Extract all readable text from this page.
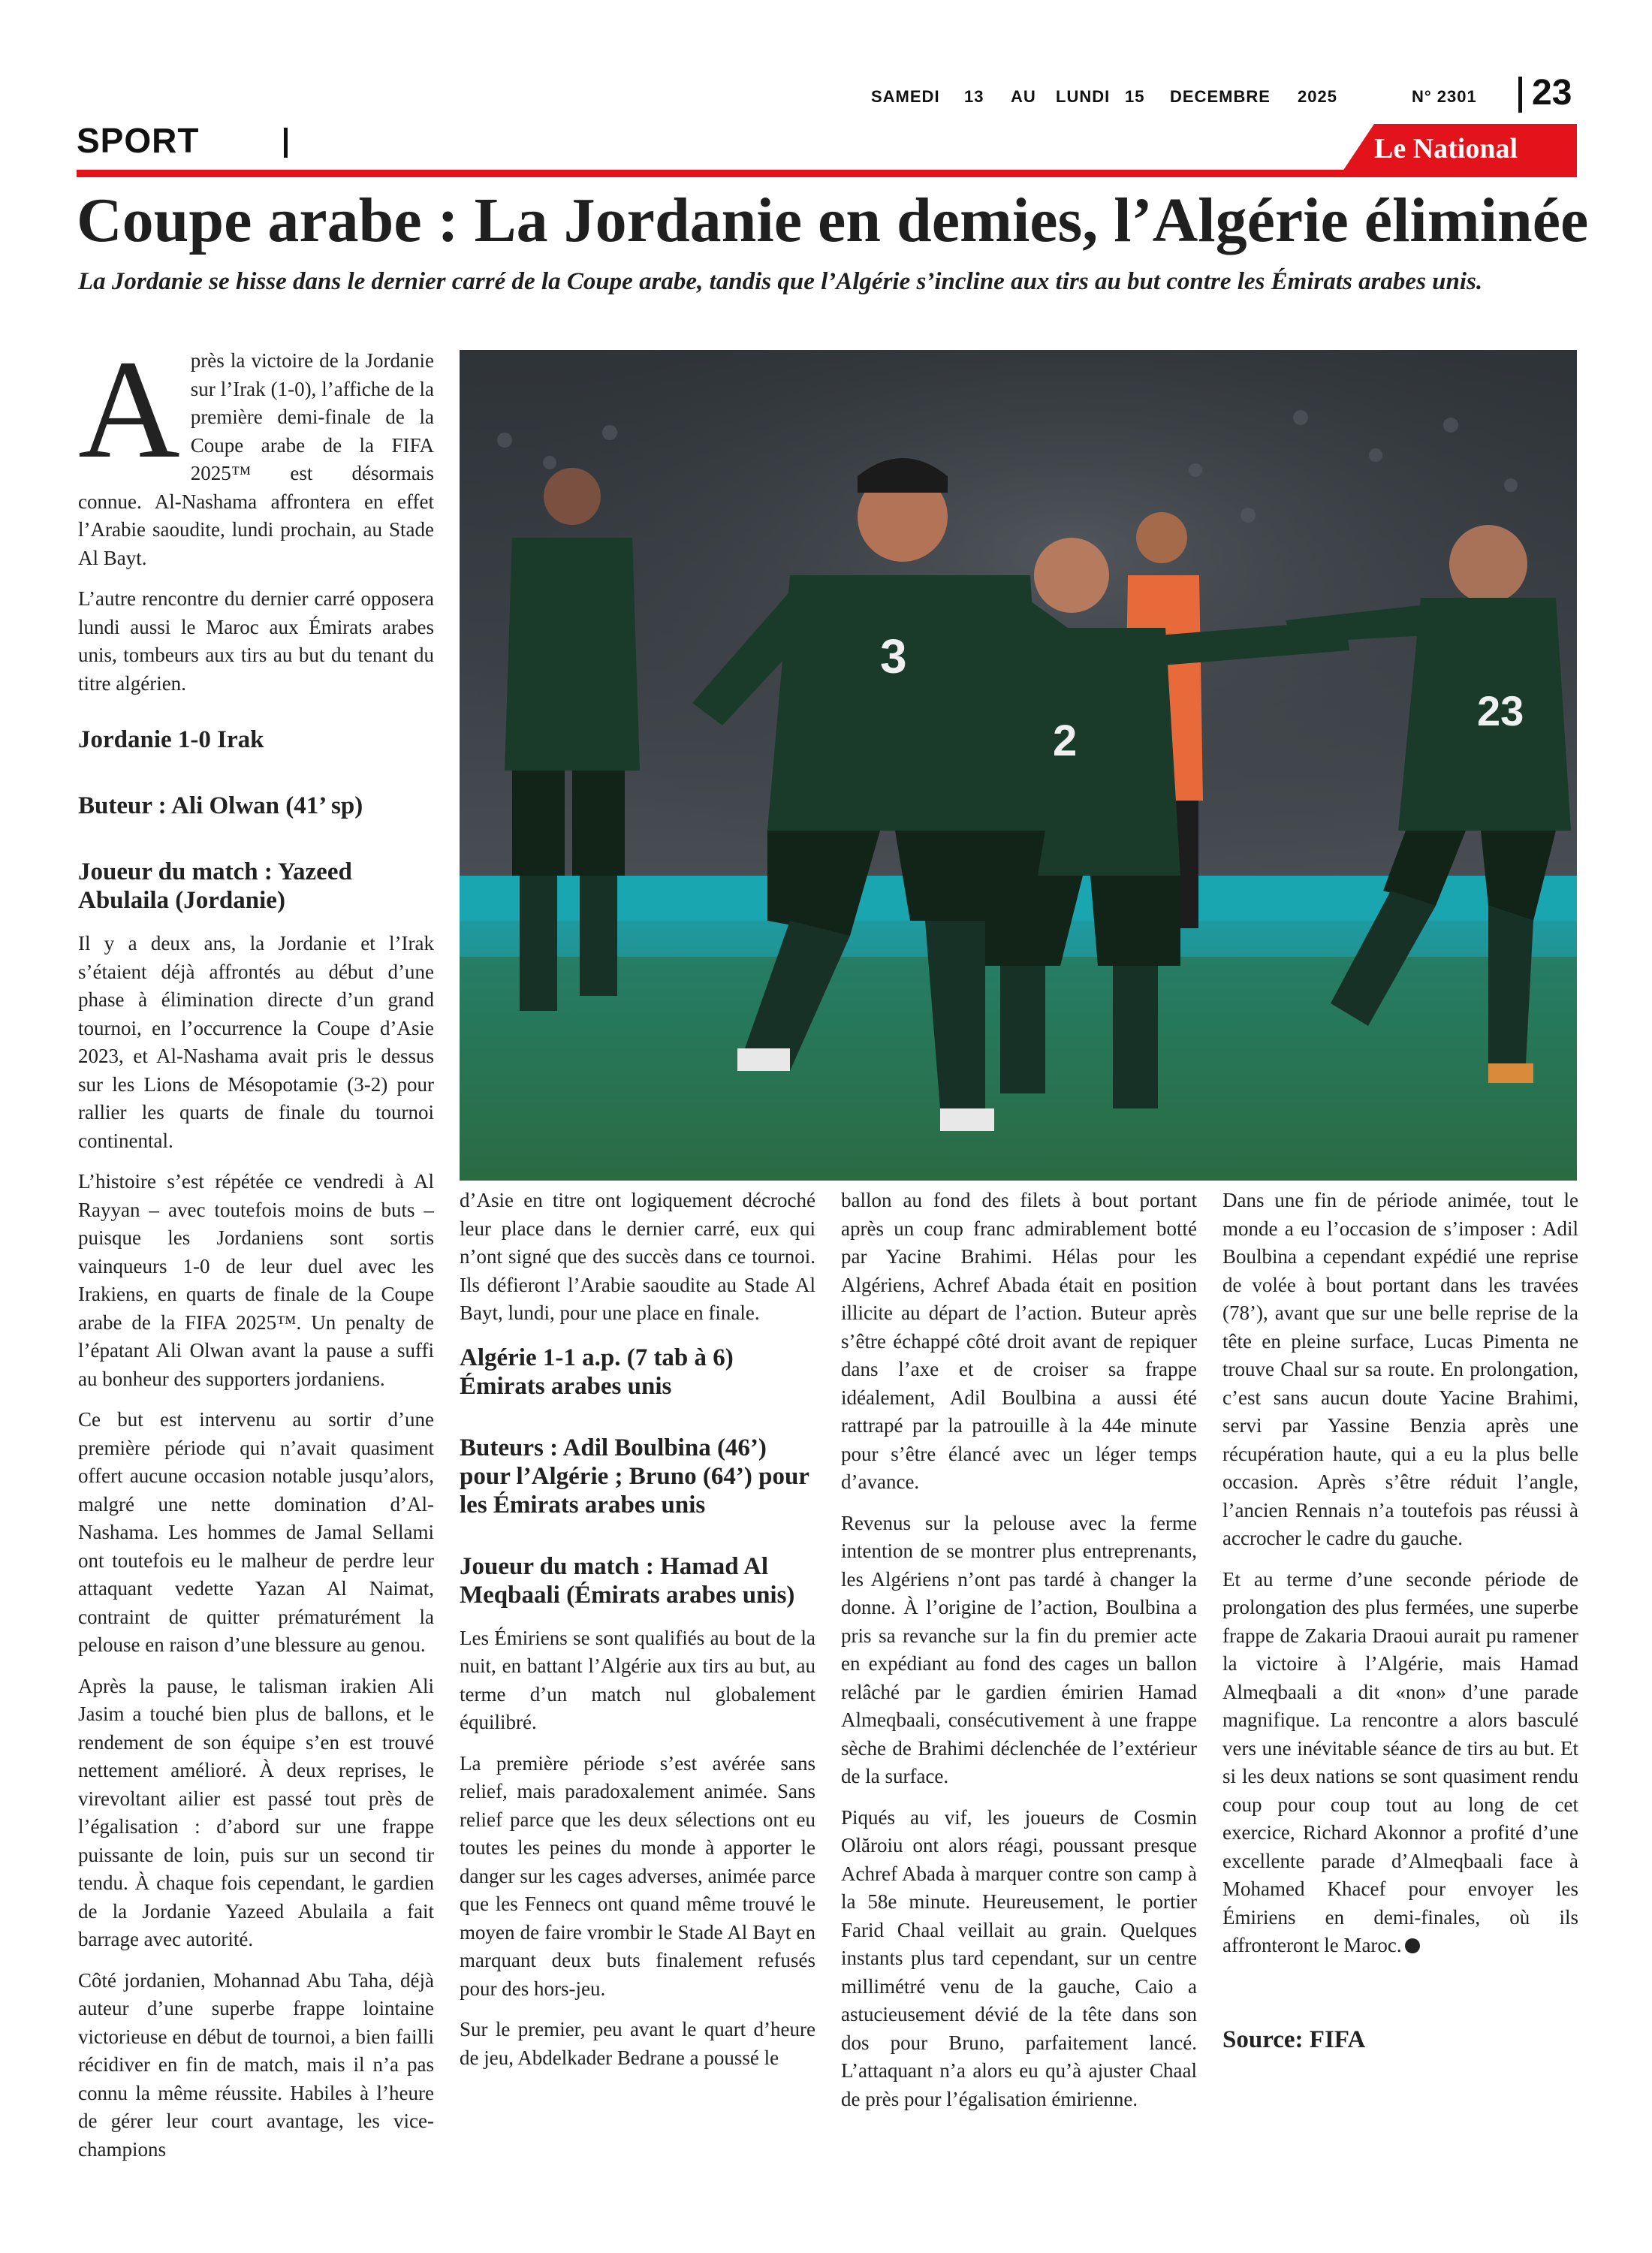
SAMEDI 13 AU LUNDI 15 DECEMBRE 2025	N° 2301 23
SPORT	Le National
Coupe arabe : La Jordanie en demies, l’Algérie éliminée
La Jordanie se hisse dans le dernier carré de la Coupe arabe, tandis que l’Algérie s’incline aux tirs au but contre les Émirats arabes unis.
23
2
3
A près la victoire de la Jordanie sur l’Irak (1-0), l’affiche de la première demi-finale de la Coupe arabe de la FIFA 2025™ est désormais connue. Al-Nashama affrontera en effet l’Arabie saoudite, lundi prochain, au Stade Al Bayt.

L’autre rencontre du dernier carré opposera lundi aussi le Maroc aux Émirats arabes unis, tombeurs aux tirs au but du tenant du titre algérien.

Jordanie 1-0 Irak
Buteur : Ali Olwan (41’ sp)
Joueur du match : Yazeed Abulaila (Jordanie)

Il y a deux ans, la Jordanie et l’Irak s’étaient déjà affrontés au début d’une phase à élimination directe d’un grand tournoi, en l’occurrence la Coupe d’Asie 2023, et Al-Nashama avait pris le dessus sur les Lions de Mésopotamie (3-2) pour rallier les quarts de finale du tournoi continental.

L’histoire s’est répétée ce vendredi à Al Rayyan – avec toutefois moins de buts – puisque les Jordaniens sont sortis vainqueurs 1-0 de leur duel avec les Irakiens, en quarts de finale de la Coupe arabe de la FIFA 2025™. Un penalty de l’épatant Ali Olwan avant la pause a suffi au bonheur des supporters jordaniens.

Ce but est intervenu au sortir d’une première période qui n’avait quasiment offert aucune occasion notable jusqu’alors, malgré une nette domination d’Al-Nashama. Les hommes de Jamal Sellami ont toutefois eu le malheur de perdre leur attaquant vedette Yazan Al Naimat, contraint de quitter prématurément la pelouse en raison d’une blessure au genou.

Après la pause, le talisman irakien Ali Jasim a touché bien plus de ballons, et le rendement de son équipe s’en est trouvé nettement amélioré. À deux reprises, le virevoltant ailier est passé tout près de l’égalisation : d’abord sur une frappe puissante de loin, puis sur un second tir tendu. À chaque fois cependant, le gardien de la Jordanie Yazeed Abulaila a fait barrage avec autorité.

Côté jordanien, Mohannad Abu Taha, déjà auteur d’une superbe frappe lointaine victorieuse en début de tournoi, a bien failli récidiver en fin de match, mais il n’a pas connu la même réussite. Habiles à l’heure de gérer leur court avantage, les vice-champions

d’Asie en titre ont logiquement décroché leur place dans le dernier carré, eux qui n’ont signé que des succès dans ce tournoi. Ils défieront l’Arabie saoudite au Stade Al Bayt, lundi, pour une place en finale.

Algérie 1-1 a.p. (7 tab à 6) Émirats arabes unis
Buteurs : Adil Boulbina (46’) pour l’Algérie ; Bruno (64’) pour les Émirats arabes unis
Joueur du match : Hamad Al Meqbaali (Émirats arabes unis)

Les Émiriens se sont qualifiés au bout de la nuit, en battant l’Algérie aux tirs au but, au terme d’un match nul globalement équilibré.

La première période s’est avérée sans relief, mais paradoxalement animée. Sans relief parce que les deux sélections ont eu toutes les peines du monde à apporter le danger sur les cages adverses, animée parce que les Fennecs ont quand même trouvé le moyen de faire vrombir le Stade Al Bayt en marquant deux buts finalement refusés pour des hors-jeu.

Sur le premier, peu avant le quart d’heure de jeu, Abdelkader Bedrane a poussé le

ballon au fond des filets à bout portant après un coup franc admirablement botté par Yacine Brahimi. Hélas pour les Algériens, Achref Abada était en position illicite au départ de l’action. Buteur après s’être échappé côté droit avant de repiquer dans l’axe et de croiser sa frappe idéalement, Adil Boulbina a aussi été rattrapé par la patrouille à la 44e minute pour s’être élancé avec un léger temps d’avance.

Revenus sur la pelouse avec la ferme intention de se montrer plus entreprenants, les Algériens n’ont pas tardé à changer la donne. À l’origine de l’action, Boulbina a pris sa revanche sur la fin du premier acte en expédiant au fond des cages un ballon relâché par le gardien émirien Hamad Almeqbaali, consécutivement à une frappe sèche de Brahimi déclenchée de l’extérieur de la surface.

Piqués au vif, les joueurs de Cosmin Olăroiu ont alors réagi, poussant presque Achref Abada à marquer contre son camp à la 58e minute. Heureusement, le portier Farid Chaal veillait au grain. Quelques instants plus tard cependant, sur un centre millimétré venu de la gauche, Caio a astucieusement dévié de la tête dans son dos pour Bruno, parfaitement lancé. L’attaquant n’a alors eu qu’à ajuster Chaal de près pour l’égalisation émirienne.

Dans une fin de période animée, tout le monde a eu l’occasion de s’imposer : Adil Boulbina a cependant expédié une reprise de volée à bout portant dans les travées (78’), avant que sur une belle reprise de la tête en pleine surface, Lucas Pimenta ne trouve Chaal sur sa route. En prolongation, c’est sans aucun doute Yacine Brahimi, servi par Yassine Benzia après une récupération haute, qui a eu la plus belle occasion. Après s’être réduit l’angle, l’ancien Rennais n’a toutefois pas réussi à accrocher le cadre du gauche.

Et au terme d’une seconde période de prolongation des plus fermées, une superbe frappe de Zakaria Draoui aurait pu ramener la victoire à l’Algérie, mais Hamad Almeqbaali a dit «non» d’une parade magnifique. La rencontre a alors basculé vers une inévitable séance de tirs au but. Et si les deux nations se sont quasiment rendu coup pour coup tout au long de cet exercice, Richard Akonnor a profité d’une excellente parade d’Almeqbaali face à Mohamed Khacef pour envoyer les Émiriens en demi-finales, où ils affronteront le Maroc.

Source: FIFA
